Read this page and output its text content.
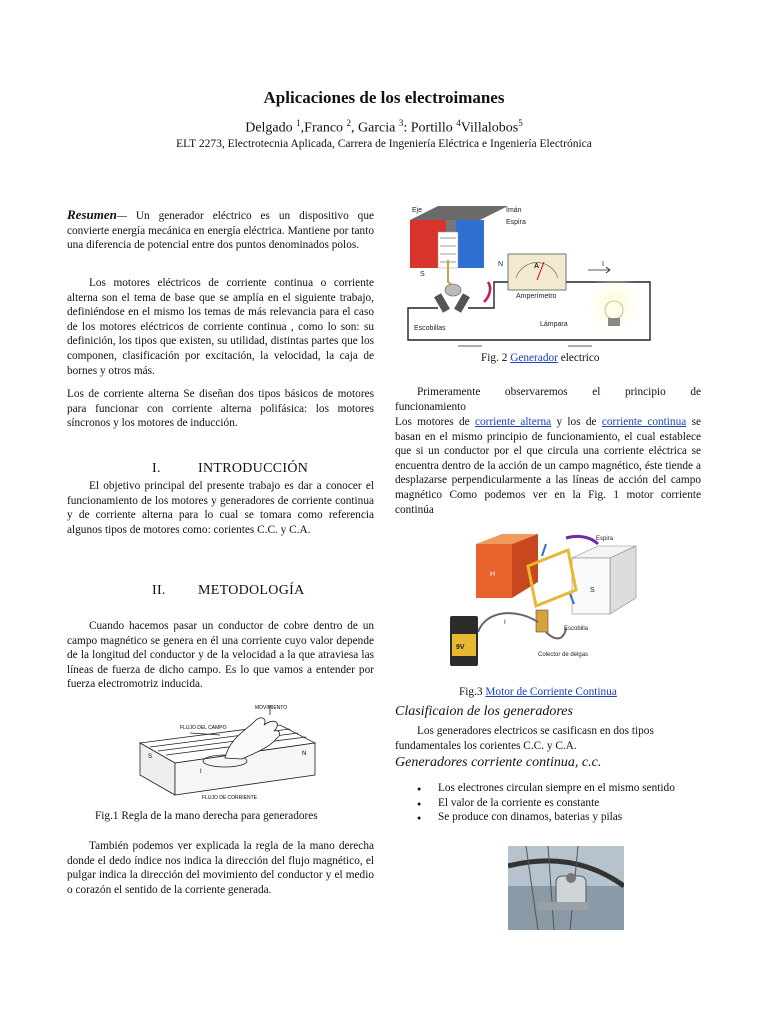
Aplicaciones de los electroimanes
Delgado $^1$,Franco $^2$, Garcia $^3$: Portillo $^4$Villalobos$^5$
ELT 2273, Electrotecnia Aplicada, Carrera de Ingeniería Eléctrica e Ingeniería Electrónica
Resumen— Un generador eléctrico es un dispositivo que convierte energía mecánica en energía eléctrica. Mantiene por tanto una diferencia de potencial entre dos puntos denominados polos.
Los motores eléctricos de corriente continua o corriente alterna son el tema de base que se amplía en el siguiente trabajo, definiéndose en el mismo los temas de más relevancia para el caso de los motores eléctricos de corriente continua , como lo son: su definición, los tipos que existen, su utilidad, distintas partes que los componen, clasificación por excitación, la velocidad, la caja de bornes y otros más.
Los de corriente alterna Se diseñan dos tipos básicos de motores para funcionar con corriente alterna polifásica: los motores síncronos y los motores de inducción.
I.	INTRODUCCIÓN
El objetivo principal del presente trabajo es dar a conocer el funcionamiento de los motores y generadores de corriente continua y de corriente alterna para lo cual se tomara como referencia algunos tipos de motores como: corientes C.C. y C.A.
II. METODOLOGÍA
Cuando hacemos pasar un conductor de cobre dentro de un campo magnético se genera en él una corriente cuyo valor depende de la longitud del conductor y de la velocidad a la que atraviesa las líneas de fuerza de dicho campo. Es lo que vamos a entender por fuerza electromotriz inducida.
MOVIMIENTO
FLUJO DEL CAMPO
S	N
I
FLUJO DE CORRIENTE
Fig.1 Regla de la mano derecha para generadores
También podemos ver explicada la regla de la mano derecha donde el dedo índice nos indica la dirección del flujo magnético, el pulgar indica la dirección del movimiento del conductor y el medio o corazón el sentido de la corriente generada.
Eje	Imán
Espira
S
N	A
Amperímetro
I
Escobillas
Lámpara
Fig. 2 Generador electrico
Primeramente observaremos el principio de funcionamiento
Los motores de corriente alterna y los de corriente continua se basan en el mismo principio de funcionamiento, el cual establece que si un conductor por el que circula una corriente eléctrica se encuentra dentro de la acción de un campo magnético, éste tiende a desplazarse perpendicularmente a las líneas de acción del campo magnético Como podemos ver en la Fig. 1 motor corriente continúa
H
S
Espira
Escobilla
Colector de delgas
9V
I
Fig.3 Motor de Corriente Continua
Clasificaion de los generadores
Los generadores electricos se casificasn en dos tipos fundamentales los corientes C.C. y C.A.
Generadores corriente continua, c.c.
● Los electrones circulan siempre en el mismo sentido
● El valor de la corriente es constante
● Se produce con dinamos, baterias y pilas
